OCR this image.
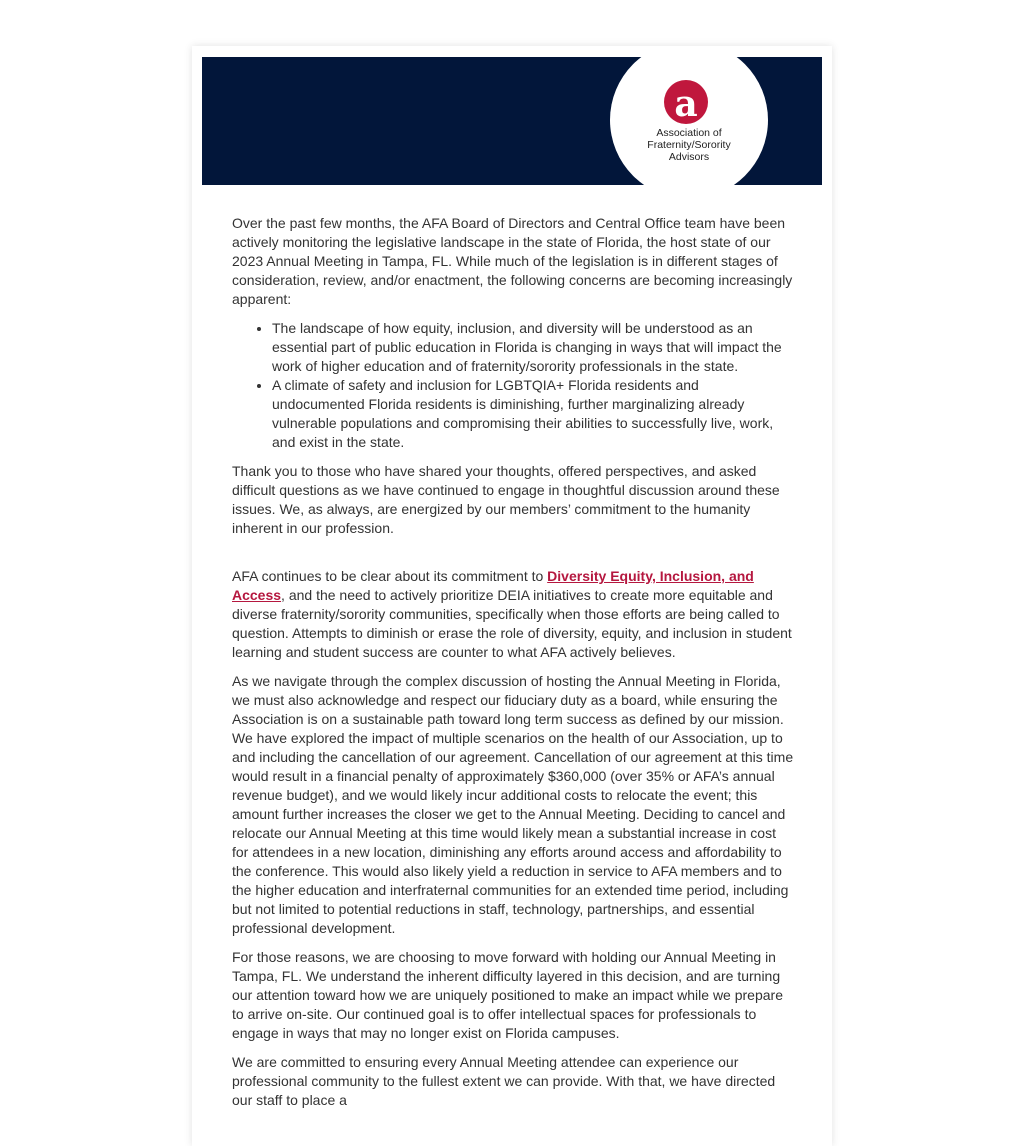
a
Association of
Fraternity/Sorority
Advisors

Over the past few months, the AFA Board of Directors and Central Office team have been actively monitoring the legislative landscape in the state of Florida, the host state of our 2023 Annual Meeting in Tampa, FL. While much of the legislation is in different stages of consideration, review, and/or enactment, the following concerns are becoming increasingly apparent:

• The landscape of how equity, inclusion, and diversity will be understood as an essential part of public education in Florida is changing in ways that will impact the work of higher education and of fraternity/sorority professionals in the state.
• A climate of safety and inclusion for LGBTQIA+ Florida residents and undocumented Florida residents is diminishing, further marginalizing already vulnerable populations and compromising their abilities to successfully live, work, and exist in the state.

Thank you to those who have shared your thoughts, offered perspectives, and asked difficult questions as we have continued to engage in thoughtful discussion around these issues. We, as always, are energized by our members’ commitment to the humanity inherent in our profession.

AFA continues to be clear about its commitment to Diversity Equity, Inclusion, and Access, and the need to actively prioritize DEIA initiatives to create more equitable and diverse fraternity/sorority communities, specifically when those efforts are being called to question. Attempts to diminish or erase the role of diversity, equity, and inclusion in student learning and student success are counter to what AFA actively believes.

As we navigate through the complex discussion of hosting the Annual Meeting in Florida, we must also acknowledge and respect our fiduciary duty as a board, while ensuring the Association is on a sustainable path toward long term success as defined by our mission. We have explored the impact of multiple scenarios on the health of our Association, up to and including the cancellation of our agreement. Cancellation of our agreement at this time would result in a financial penalty of approximately $360,000 (over 35% or AFA’s annual revenue budget), and we would likely incur additional costs to relocate the event; this amount further increases the closer we get to the Annual Meeting. Deciding to cancel and relocate our Annual Meeting at this time would likely mean a substantial increase in cost for attendees in a new location, diminishing any efforts around access and affordability to the conference. This would also likely yield a reduction in service to AFA members and to the higher education and interfraternal communities for an extended time period, including but not limited to potential reductions in staff, technology, partnerships, and essential professional development.

For those reasons, we are choosing to move forward with holding our Annual Meeting in Tampa, FL. We understand the inherent difficulty layered in this decision, and are turning our attention toward how we are uniquely positioned to make an impact while we prepare to arrive on-site. Our continued goal is to offer intellectual spaces for professionals to engage in ways that may no longer exist on Florida campuses.

We are committed to ensuring every Annual Meeting attendee can experience our professional community to the fullest extent we can provide. With that, we have directed our staff to place a
